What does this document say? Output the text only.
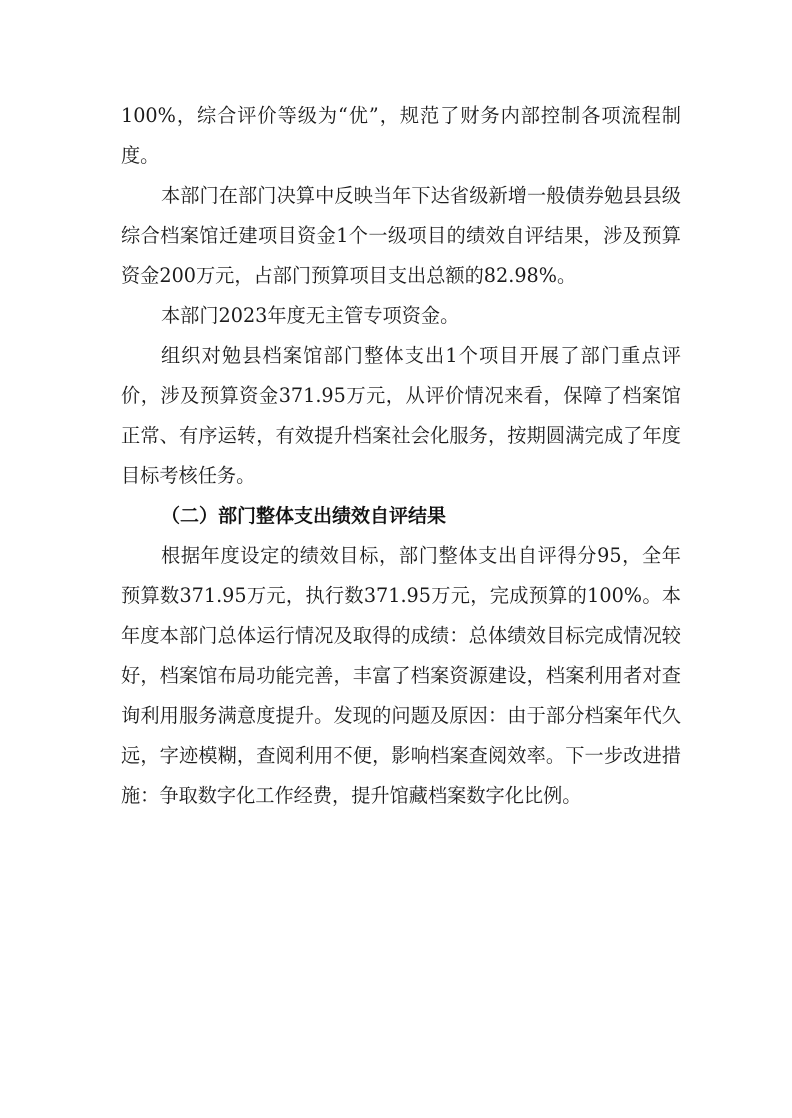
100%，综合评价等级为“优”，规范了财务内部控制各项流程制度。

本部门在部门决算中反映当年下达省级新增一般债券勉县县级综合档案馆迁建项目资金1个一级项目的绩效自评结果，涉及预算资金200万元，占部门预算项目支出总额的82.98%。

本部门2023年度无主管专项资金。

组织对勉县档案馆部门整体支出1个项目开展了部门重点评价，涉及预算资金371.95万元，从评价情况来看，保障了档案馆正常、有序运转，有效提升档案社会化服务，按期圆满完成了年度目标考核任务。

（二）部门整体支出绩效自评结果

根据年度设定的绩效目标，部门整体支出自评得分95，全年预算数371.95万元，执行数371.95万元，完成预算的100%。本年度本部门总体运行情况及取得的成绩：总体绩效目标完成情况较好，档案馆布局功能完善，丰富了档案资源建设，档案利用者对查询利用服务满意度提升。发现的问题及原因：由于部分档案年代久远，字迹模糊，查阅利用不便，影响档案查阅效率。下一步改进措施：争取数字化工作经费，提升馆藏档案数字化比例。
